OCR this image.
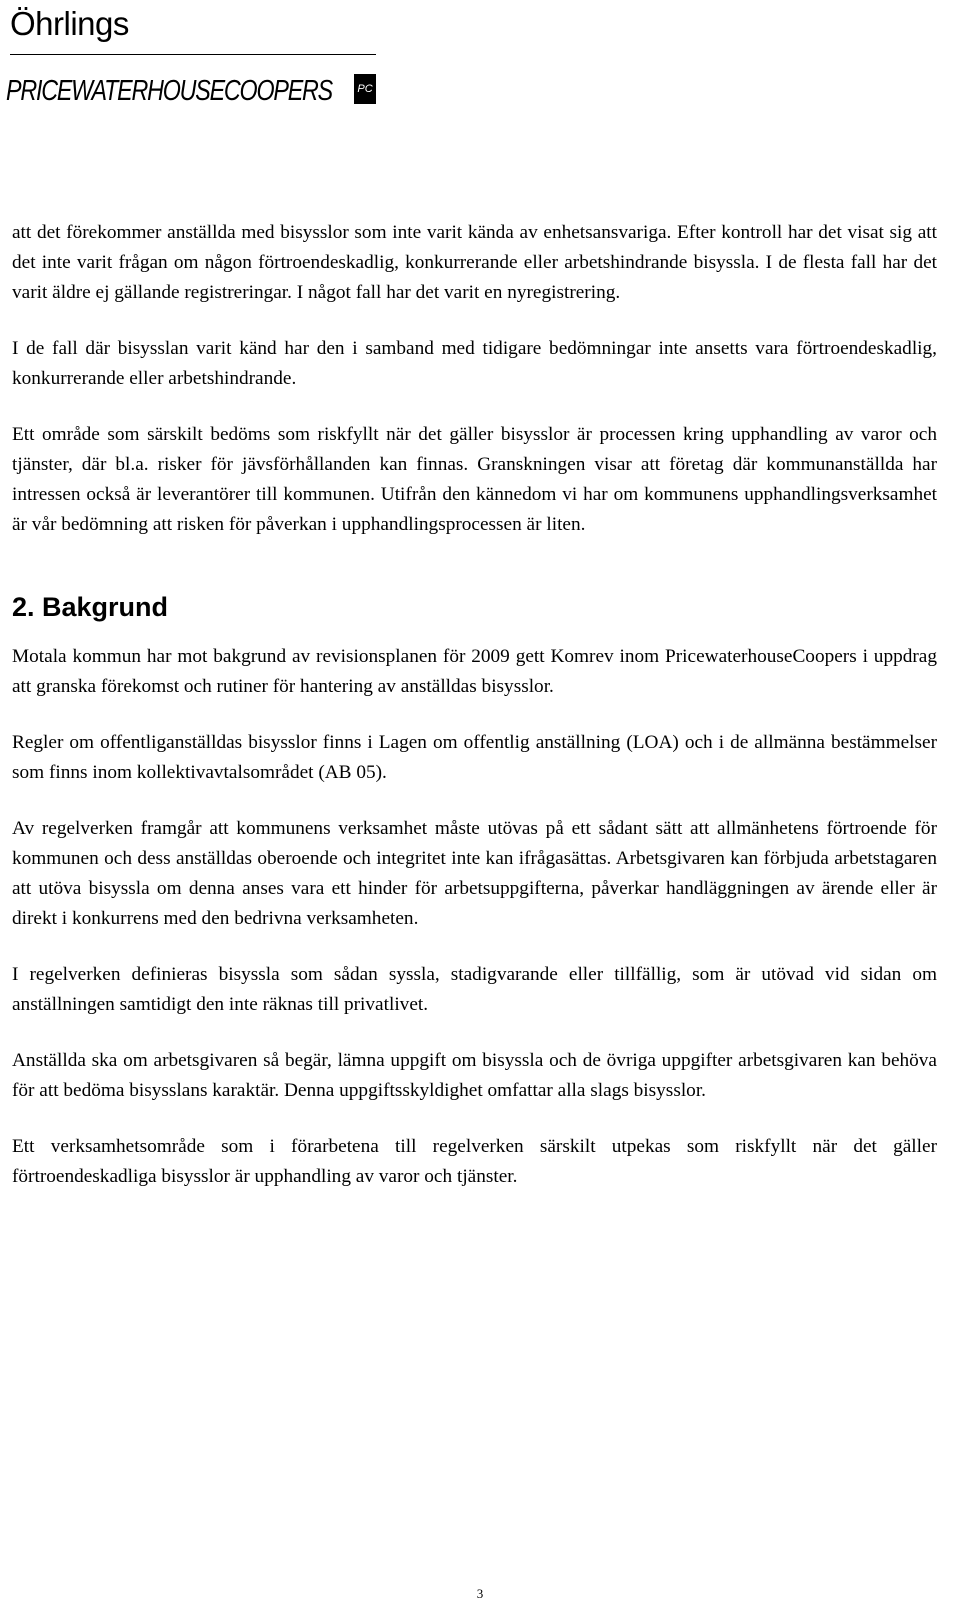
Öhrlings
PRICEWATERHOUSECOOPERS	PC

att det förekommer anställda med bisysslor som inte varit kända av enhetsansvariga. Efter kontroll har det visat sig att det inte varit frågan om någon förtroendeskadlig, konkurrerande eller arbetshindrande bisyssla. I de flesta fall har det varit äldre ej gällande registreringar. I något fall har det varit en nyregistrering.

I de fall där bisysslan varit känd har den i samband med tidigare bedömningar inte ansetts vara förtroendeskadlig, konkurrerande eller arbetshindrande.

Ett område som särskilt bedöms som riskfyllt när det gäller bisysslor är processen kring upphandling av varor och tjänster, där bl.a. risker för jävsförhållanden kan finnas. Granskningen visar att företag där kommunanställda har intressen också är leverantörer till kommunen. Utifrån den kännedom vi har om kommunens upphandlingsverksamhet är vår bedömning att risken för påverkan i upphandlingsprocessen är liten.

2. Bakgrund

Motala kommun har mot bakgrund av revisionsplanen för 2009 gett Komrev inom PricewaterhouseCoopers i uppdrag att granska förekomst och rutiner för hantering av anställdas bisysslor.

Regler om offentliganställdas bisysslor finns i Lagen om offentlig anställning (LOA) och i de allmänna bestämmelser som finns inom kollektivavtalsområdet (AB 05).

Av regelverken framgår att kommunens verksamhet måste utövas på ett sådant sätt att allmänhetens förtroende för kommunen och dess anställdas oberoende och integritet inte kan ifrågasättas. Arbetsgivaren kan förbjuda arbetstagaren att utöva bisyssla om denna anses vara ett hinder för arbetsuppgifterna, påverkar handläggningen av ärende eller är direkt i konkurrens med den bedrivna verksamheten.

I regelverken definieras bisyssla som sådan syssla, stadigvarande eller tillfällig, som är utövad vid sidan om anställningen samtidigt den inte räknas till privatlivet.

Anställda ska om arbetsgivaren så begär, lämna uppgift om bisyssla och de övriga uppgifter arbetsgivaren kan behöva för att bedöma bisysslans karaktär. Denna uppgiftsskyldighet omfattar alla slags bisysslor.

Ett verksamhetsområde som i förarbetena till regelverken särskilt utpekas som riskfyllt när det gäller förtroendeskadliga bisysslor är upphandling av varor och tjänster.

3
